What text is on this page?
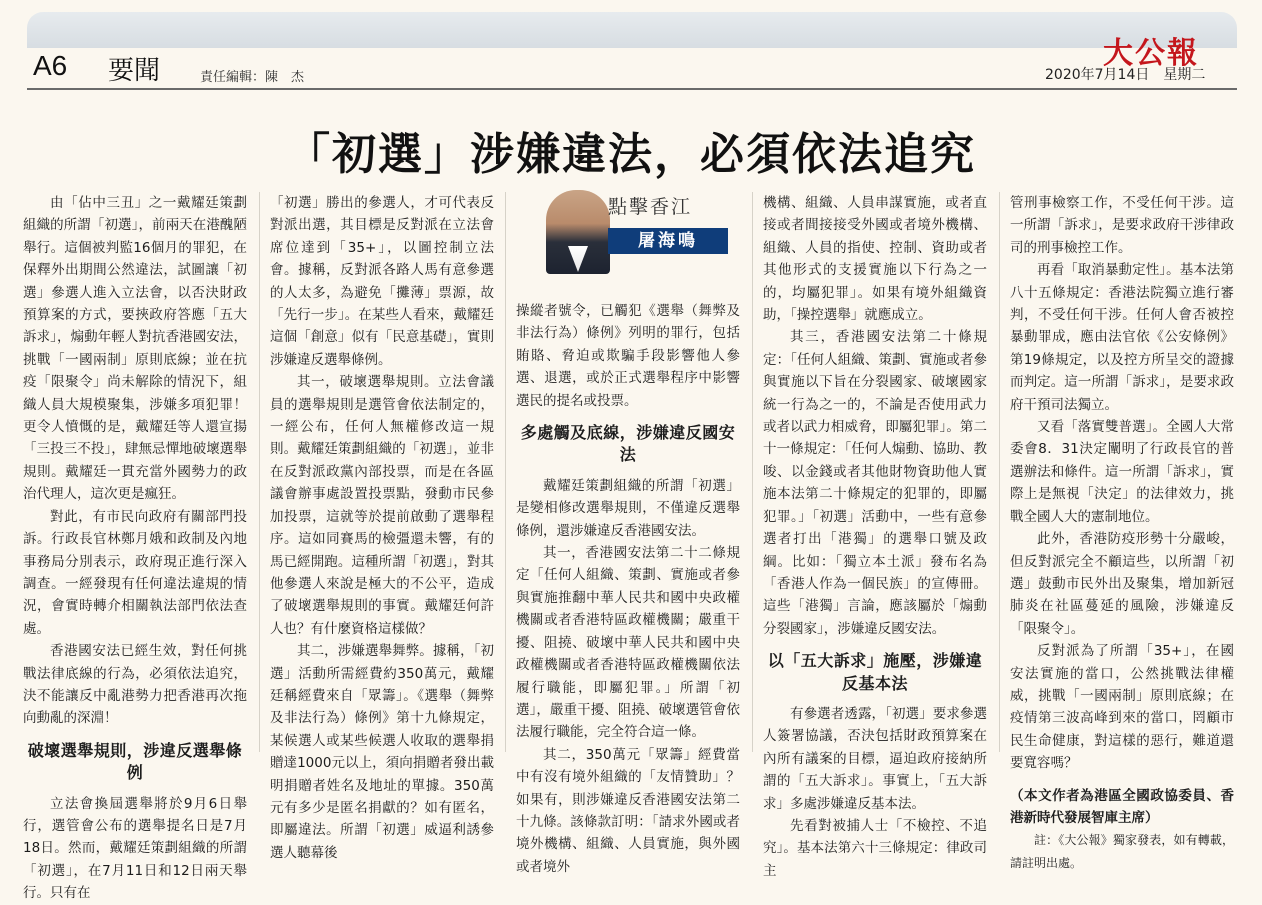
A6 要聞	責任編輯：陳　杰
大公報
2020年7月14日　星期二
「初選」涉嫌違法，必須依法追究

由「佔中三丑」之一戴耀廷策劃組織的所謂「初選」，前兩天在港醜陋舉行。這個被判監16個月的罪犯，在保釋外出期間公然違法，試圖讓「初選」參選人進入立法會，以否決財政預算案的方式，要挾政府答應「五大訴求」，煽動年輕人對抗香港國安法，挑戰「一國兩制」原則底線；並在抗疫「限聚令」尚未解除的情況下，組織人員大規模聚集，涉嫌多項犯罪！更令人憤慨的是，戴耀廷等人還宣揚「三投三不投」，肆無忌憚地破壞選舉規則。戴耀廷一貫充當外國勢力的政治代理人，這次更是瘋狂。

對此，有市民向政府有關部門投訴。行政長官林鄭月娥和政制及內地事務局分別表示，政府現正進行深入調查。一經發現有任何違法違規的情況，會實時轉介相關執法部門依法查處。

香港國安法已經生效，對任何挑戰法律底線的行為，必須依法追究，決不能讓反中亂港勢力把香港再次拖向動亂的深淵！

破壞選舉規則，涉違反選舉條例

立法會換屆選舉將於9月6日舉行，選管會公布的選舉提名日是7月18日。然而，戴耀廷策劃組織的所謂「初選」，在7月11日和12日兩天舉行。只有在

「初選」勝出的參選人，才可代表反對派出選，其目標是反對派在立法會席位達到「35+」，以圖控制立法會。據稱，反對派各路人馬有意參選的人太多，為避免「攤薄」票源，故「先行一步」。在某些人看來，戴耀廷這個「創意」似有「民意基礎」，實則涉嫌違反選舉條例。

其一，破壞選舉規則。立法會議員的選舉規則是選管會依法制定的，一經公布，任何人無權修改這一規則。戴耀廷策劃組織的「初選」，並非在反對派政黨內部投票，而是在各區議會辦事處設置投票點，發動市民參加投票，這就等於提前啟動了選舉程序。這如同賽馬的檢彊還未響，有的馬已經開跑。這種所謂「初選」，對其他參選人來說是極大的不公平，造成了破壞選舉規則的事實。戴耀廷何許人也？有什麼資格這樣做？

其二，涉嫌選舉舞弊。據稱，「初選」活動所需經費約350萬元，戴耀廷稱經費來自「眾籌」。《選舉（舞弊及非法行為）條例》第十九條規定，某候選人或某些候選人收取的選舉捐贈達1000元以上，須向捐贈者發出載明捐贈者姓名及地址的單據。350萬元有多少是匿名捐獻的？如有匿名，即屬違法。所謂「初選」威逼利誘參選人聽幕後

點擊香江
屠海鳴

操縱者號令，已觸犯《選舉（舞弊及非法行為）條例》列明的罪行，包括賄賂、脅迫或欺騙手段影響他人參選、退選，或於正式選舉程序中影響選民的提名或投票。

多處觸及底線，涉嫌違反國安法

戴耀廷策劃組織的所謂「初選」是變相修改選舉規則，不僅違反選舉條例，還涉嫌違反香港國安法。

其一，香港國安法第二十二條規定「任何人組織、策劃、實施或者參與實施推翻中華人民共和國中央政權機關或者香港特區政權機關；嚴重干擾、阻撓、破壞中華人民共和國中央政權機關或者香港特區政權機關依法履行職能，即屬犯罪。」所謂「初選」，嚴重干擾、阻撓、破壞選管會依法履行職能，完全符合這一條。

其二，350萬元「眾籌」經費當中有沒有境外組織的「友情贊助」？如果有，則涉嫌違反香港國安法第二十九條。該條款訂明：「請求外國或者境外機構、組織、人員實施，與外國或者境外

機構、組織、人員串謀實施，或者直接或者間接接受外國或者境外機構、組織、人員的指使、控制、資助或者其他形式的支援實施以下行為之一的，均屬犯罪」。如果有境外組織資助，「操控選舉」就應成立。

其三，香港國安法第二十條規定：「任何人組織、策劃、實施或者參與實施以下旨在分裂國家、破壞國家統一行為之一的，不論是否使用武力或者以武力相威脅，即屬犯罪」。第二十一條規定：「任何人煽動、協助、教唆、以金錢或者其他財物資助他人實施本法第二十條規定的犯罪的，即屬犯罪。」「初選」活動中，一些有意參選者打出「港獨」的選舉口號及政綱。比如：「獨立本土派」發布名為「香港人作為一個民族」的宣傳冊。這些「港獨」言論，應該屬於「煽動分裂國家」，涉嫌違反國安法。

以「五大訴求」施壓，涉嫌違反基本法

有參選者透露，「初選」要求參選人簽署協議，否決包括財政預算案在內所有議案的目標，逼迫政府接納所謂的「五大訴求」。事實上，「五大訴求」多處涉嫌違反基本法。

先看對被捕人士「不檢控、不追究」。基本法第六十三條規定：律政司主

管刑事檢察工作，不受任何干涉。這一所謂「訴求」，是要求政府干涉律政司的刑事檢控工作。

再看「取消暴動定性」。基本法第八十五條規定：香港法院獨立進行審判，不受任何干涉。任何人會否被控暴動罪成，應由法官依《公安條例》第19條規定，以及控方所呈交的證據而判定。這一所謂「訴求」，是要求政府干預司法獨立。

又看「落實雙普選」。全國人大常委會8．31決定闡明了行政長官的普選辦法和條件。這一所謂「訴求」，實際上是無視「決定」的法律效力，挑戰全國人大的憲制地位。

此外，香港防疫形勢十分嚴峻，但反對派完全不顧這些，以所謂「初選」鼓動市民外出及聚集，增加新冠肺炎在社區蔓延的風險，涉嫌違反「限聚令」。

反對派為了所謂「35+」，在國安法實施的當口，公然挑戰法律權威，挑戰「一國兩制」原則底線；在疫情第三波高峰到來的當口，罔顧市民生命健康，對這樣的惡行，難道還要寬容嗎？

（本文作者為港區全國政協委員、香港新時代發展智庫主席）

註：《大公報》獨家發表，如有轉載，請註明出處。
